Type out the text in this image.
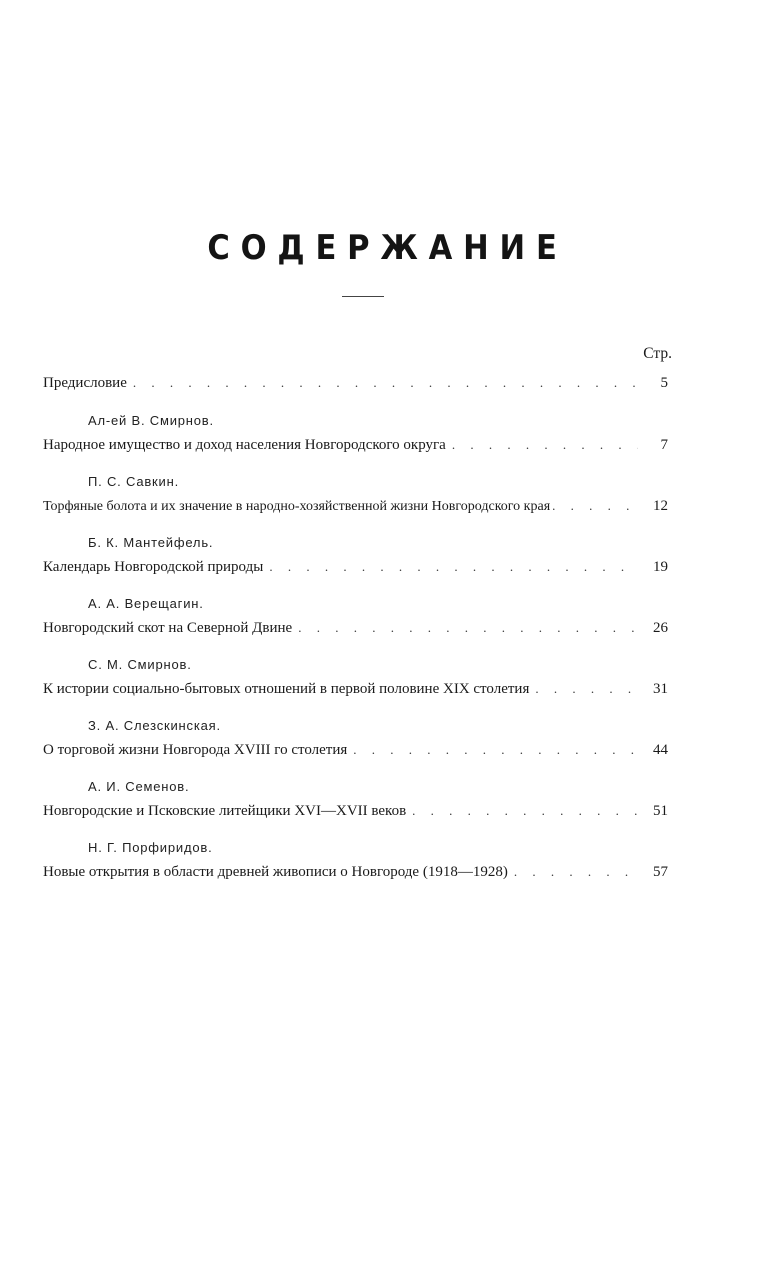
СОДЕРЖАНИЕ
Стр.
Предисловие . . .	5
Ал-ей В. Смирнов.
Народное имущество и доход населения Новгородского округа . . .	7
П. С. Савкин.
Торфяные болота и их значение в народно-хозяйственной жизни Новгородского края . . .	12
Б. К. Мантейфель.
Календарь Новгородской природы . . .	19
А. А. Верещагин.
Новгородский скот на Северной Двине . . .	26
С. М. Смирнов.
К истории социально-бытовых отношений в первой половине XIX столетия . . .	31
З. А. Слезскинская.
О торговой жизни Новгорода XVIII го столетия . . .	44
А. И. Семенов.
Новгородские и Псковские литейщики XVI—XVII веков . . .	51
Н. Г. Порфиридов.
Новые открытия в области древней живописи о Новгороде (1918—1928) . . .	57
